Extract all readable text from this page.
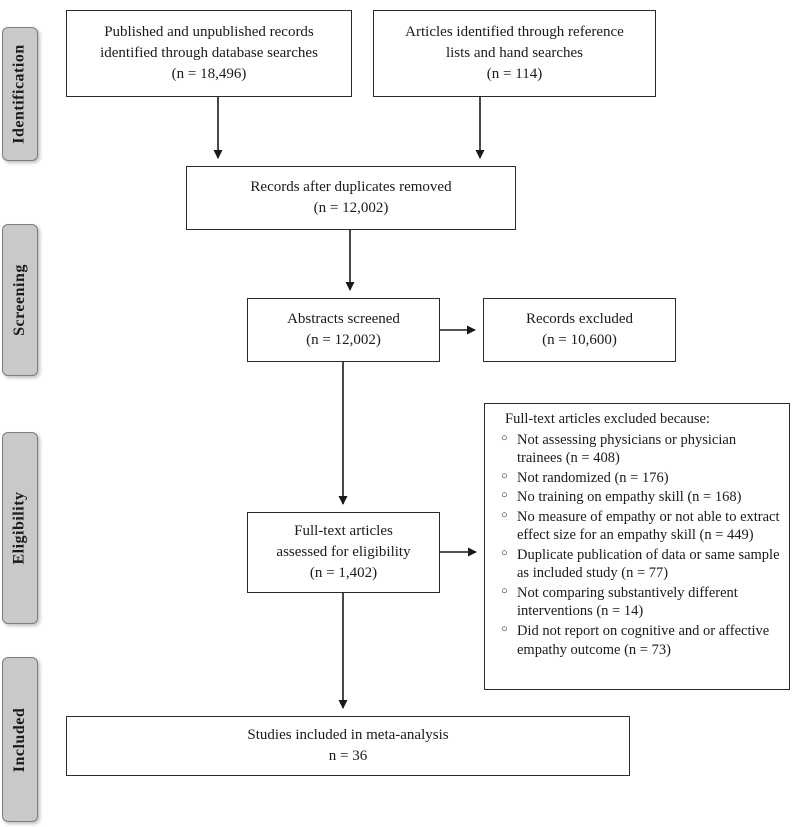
Identification
Screening
Eligibility
Included
Published and unpublished records
identified through database searches
(n = 18,496)
Articles identified through reference
lists and hand searches
(n = 114)
Records after duplicates removed
(n = 12,002)
Abstracts screened
(n = 12,002)
Records excluded
(n = 10,600)
Full-text articles
assessed for eligibility
(n = 1,402)
Full-text articles excluded because:
○ Not assessing physicians or physician trainees (n = 408)
○ Not randomized (n = 176)
○ No training on empathy skill (n = 168)
○ No measure of empathy or not able to extract effect size for an empathy skill (n = 449)
○ Duplicate publication of data or same sample as included study (n = 77)
○ Not comparing substantively different interventions (n = 14)
○ Did not report on cognitive and or affective empathy outcome (n = 73)
Studies included in meta-analysis
n = 36
